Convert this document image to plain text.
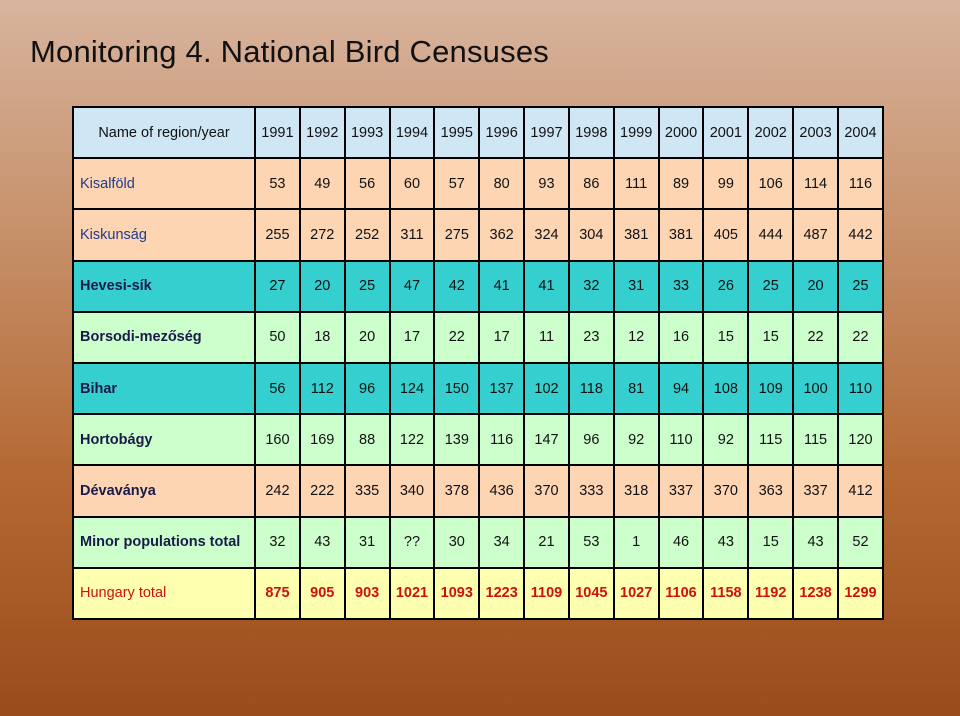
Monitoring 4. National Bird Censuses
Name of region/year	1991	1992	1993	1994	1995	1996	1997	1998	1999	2000	2001	2002	2003	2004
Kisalföld	53	49	56	60	57	80	93	86	111	89	99	106	114	116
Kiskunság	255	272	252	311	275	362	324	304	381	381	405	444	487	442
Hevesi-sík	27	20	25	47	42	41	41	32	31	33	26	25	20	25
Borsodi-mezőség	50	18	20	17	22	17	11	23	12	16	15	15	22	22
Bihar	56	112	96	124	150	137	102	118	81	94	108	109	100	110
Hortobágy	160	169	88	122	139	116	147	96	92	110	92	115	115	120
Dévaványa	242	222	335	340	378	436	370	333	318	337	370	363	337	412
Minor populations total	32	43	31	??	30	34	21	53	1	46	43	15	43	52
Hungary total	875	905	903	1021	1093	1223	1109	1045	1027	1106	1158	1192	1238	1299
